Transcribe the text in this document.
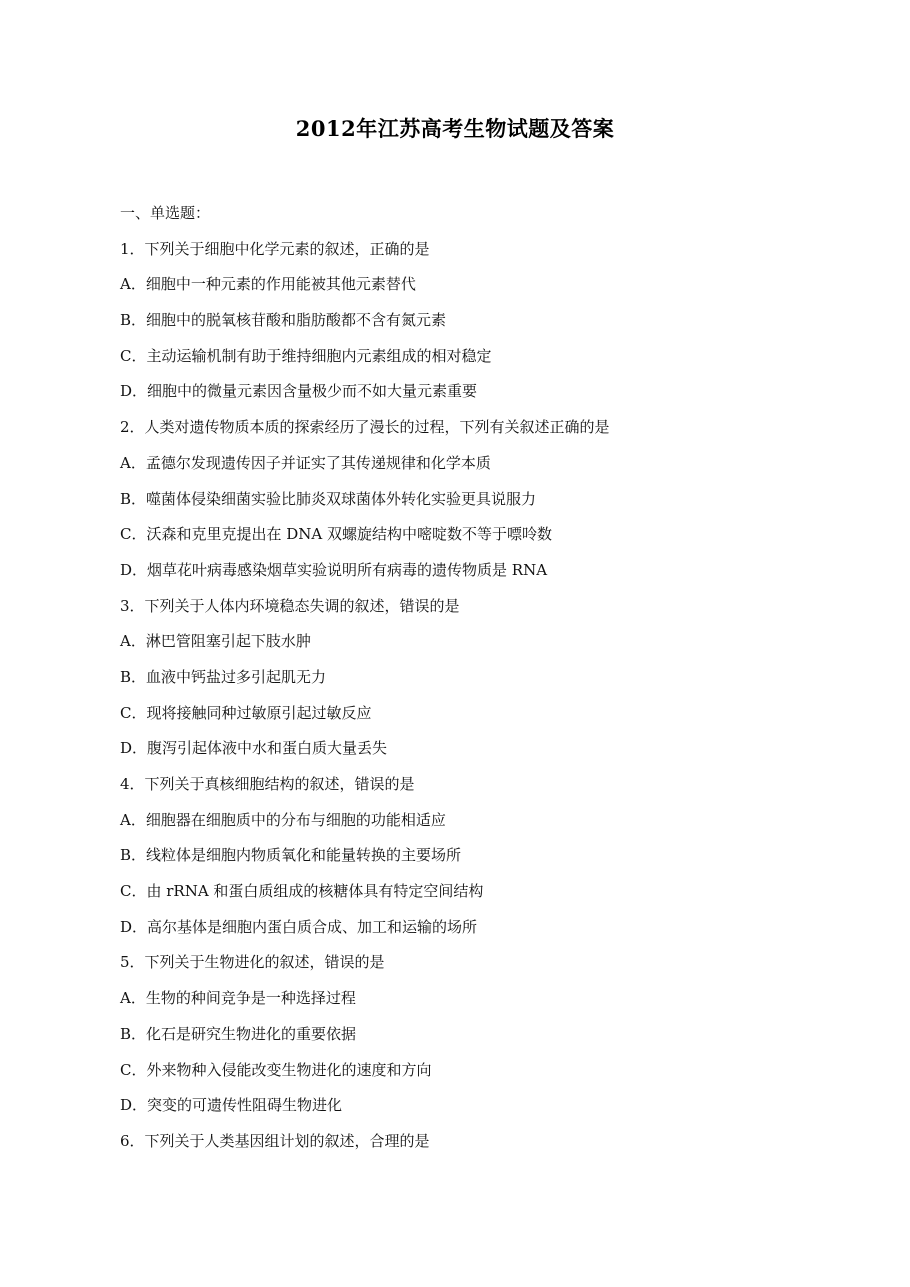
2012年江苏高考生物试题及答案
一、单选题：
1．下列关于细胞中化学元素的叙述，正确的是
A．细胞中一种元素的作用能被其他元素替代
B．细胞中的脱氧核苷酸和脂肪酸都不含有氮元素
C．主动运输机制有助于维持细胞内元素组成的相对稳定
D．细胞中的微量元素因含量极少而不如大量元素重要
2．人类对遗传物质本质的探索经历了漫长的过程，下列有关叙述正确的是
A．孟德尔发现遗传因子并证实了其传递规律和化学本质
B．噬菌体侵染细菌实验比肺炎双球菌体外转化实验更具说服力
C．沃森和克里克提出在 DNA 双螺旋结构中嘧啶数不等于嘌呤数
D．烟草花叶病毒感染烟草实验说明所有病毒的遗传物质是 RNA
3．下列关于人体内环境稳态失调的叙述，错误的是
A．淋巴管阻塞引起下肢水肿
B．血液中钙盐过多引起肌无力
C．现将接触同种过敏原引起过敏反应
D．腹泻引起体液中水和蛋白质大量丢失
4．下列关于真核细胞结构的叙述，错误的是
A．细胞器在细胞质中的分布与细胞的功能相适应
B．线粒体是细胞内物质氧化和能量转换的主要场所
C．由 rRNA 和蛋白质组成的核糖体具有特定空间结构
D．高尔基体是细胞内蛋白质合成、加工和运输的场所
5．下列关于生物进化的叙述，错误的是
A．生物的种间竞争是一种选择过程
B．化石是研究生物进化的重要依据
C．外来物种入侵能改变生物进化的速度和方向
D．突变的可遗传性阻碍生物进化
6．下列关于人类基因组计划的叙述，合理的是
